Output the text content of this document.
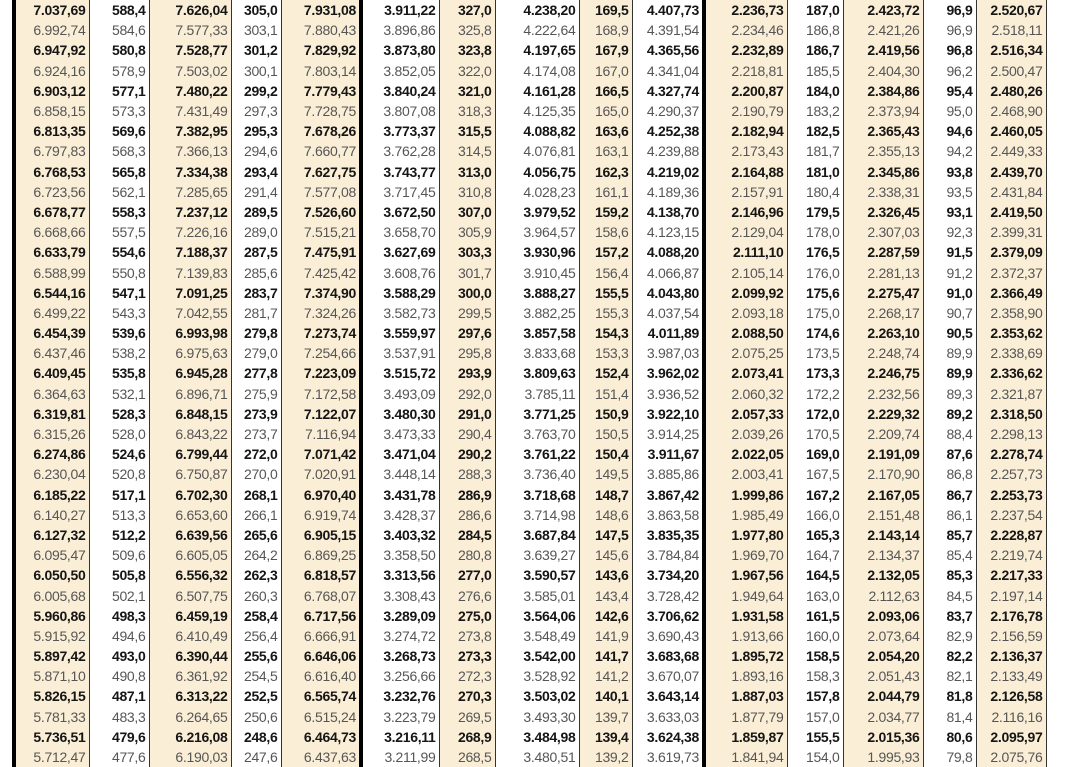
7.037,69	588,4	7.626,04	305,0	7.931,08	3.911,22	327,0	4.238,20	169,5	4.407,73	2.236,73	187,0	2.423,72	96,9	2.520,67
6.992,74	584,6	7.577,33	303,1	7.880,43	3.896,86	325,8	4.222,64	168,9	4.391,54	2.234,46	186,8	2.421,26	96,9	2.518,11
6.947,92	580,8	7.528,77	301,2	7.829,92	3.873,80	323,8	4.197,65	167,9	4.365,56	2.232,89	186,7	2.419,56	96,8	2.516,34
6.924,16	578,9	7.503,02	300,1	7.803,14	3.852,05	322,0	4.174,08	167,0	4.341,04	2.218,81	185,5	2.404,30	96,2	2.500,47
6.903,12	577,1	7.480,22	299,2	7.779,43	3.840,24	321,0	4.161,28	166,5	4.327,74	2.200,87	184,0	2.384,86	95,4	2.480,26
6.858,15	573,3	7.431,49	297,3	7.728,75	3.807,08	318,3	4.125,35	165,0	4.290,37	2.190,79	183,2	2.373,94	95,0	2.468,90
6.813,35	569,6	7.382,95	295,3	7.678,26	3.773,37	315,5	4.088,82	163,6	4.252,38	2.182,94	182,5	2.365,43	94,6	2.460,05
6.797,83	568,3	7.366,13	294,6	7.660,77	3.762,28	314,5	4.076,81	163,1	4.239,88	2.173,43	181,7	2.355,13	94,2	2.449,33
6.768,53	565,8	7.334,38	293,4	7.627,75	3.743,77	313,0	4.056,75	162,3	4.219,02	2.164,88	181,0	2.345,86	93,8	2.439,70
6.723,56	562,1	7.285,65	291,4	7.577,08	3.717,45	310,8	4.028,23	161,1	4.189,36	2.157,91	180,4	2.338,31	93,5	2.431,84
6.678,77	558,3	7.237,12	289,5	7.526,60	3.672,50	307,0	3.979,52	159,2	4.138,70	2.146,96	179,5	2.326,45	93,1	2.419,50
6.668,66	557,5	7.226,16	289,0	7.515,21	3.658,70	305,9	3.964,57	158,6	4.123,15	2.129,04	178,0	2.307,03	92,3	2.399,31
6.633,79	554,6	7.188,37	287,5	7.475,91	3.627,69	303,3	3.930,96	157,2	4.088,20	2.111,10	176,5	2.287,59	91,5	2.379,09
6.588,99	550,8	7.139,83	285,6	7.425,42	3.608,76	301,7	3.910,45	156,4	4.066,87	2.105,14	176,0	2.281,13	91,2	2.372,37
6.544,16	547,1	7.091,25	283,7	7.374,90	3.588,29	300,0	3.888,27	155,5	4.043,80	2.099,92	175,6	2.275,47	91,0	2.366,49
6.499,22	543,3	7.042,55	281,7	7.324,26	3.582,73	299,5	3.882,25	155,3	4.037,54	2.093,18	175,0	2.268,17	90,7	2.358,90
6.454,39	539,6	6.993,98	279,8	7.273,74	3.559,97	297,6	3.857,58	154,3	4.011,89	2.088,50	174,6	2.263,10	90,5	2.353,62
6.437,46	538,2	6.975,63	279,0	7.254,66	3.537,91	295,8	3.833,68	153,3	3.987,03	2.075,25	173,5	2.248,74	89,9	2.338,69
6.409,45	535,8	6.945,28	277,8	7.223,09	3.515,72	293,9	3.809,63	152,4	3.962,02	2.073,41	173,3	2.246,75	89,9	2.336,62
6.364,63	532,1	6.896,71	275,9	7.172,58	3.493,09	292,0	3.785,11	151,4	3.936,52	2.060,32	172,2	2.232,56	89,3	2.321,87
6.319,81	528,3	6.848,15	273,9	7.122,07	3.480,30	291,0	3.771,25	150,9	3.922,10	2.057,33	172,0	2.229,32	89,2	2.318,50
6.315,26	528,0	6.843,22	273,7	7.116,94	3.473,33	290,4	3.763,70	150,5	3.914,25	2.039,26	170,5	2.209,74	88,4	2.298,13
6.274,86	524,6	6.799,44	272,0	7.071,42	3.471,04	290,2	3.761,22	150,4	3.911,67	2.022,05	169,0	2.191,09	87,6	2.278,74
6.230,04	520,8	6.750,87	270,0	7.020,91	3.448,14	288,3	3.736,40	149,5	3.885,86	2.003,41	167,5	2.170,90	86,8	2.257,73
6.185,22	517,1	6.702,30	268,1	6.970,40	3.431,78	286,9	3.718,68	148,7	3.867,42	1.999,86	167,2	2.167,05	86,7	2.253,73
6.140,27	513,3	6.653,60	266,1	6.919,74	3.428,37	286,6	3.714,98	148,6	3.863,58	1.985,49	166,0	2.151,48	86,1	2.237,54
6.127,32	512,2	6.639,56	265,6	6.905,15	3.403,32	284,5	3.687,84	147,5	3.835,35	1.977,80	165,3	2.143,14	85,7	2.228,87
6.095,47	509,6	6.605,05	264,2	6.869,25	3.358,50	280,8	3.639,27	145,6	3.784,84	1.969,70	164,7	2.134,37	85,4	2.219,74
6.050,50	505,8	6.556,32	262,3	6.818,57	3.313,56	277,0	3.590,57	143,6	3.734,20	1.967,56	164,5	2.132,05	85,3	2.217,33
6.005,68	502,1	6.507,75	260,3	6.768,07	3.308,43	276,6	3.585,01	143,4	3.728,42	1.949,64	163,0	2.112,63	84,5	2.197,14
5.960,86	498,3	6.459,19	258,4	6.717,56	3.289,09	275,0	3.564,06	142,6	3.706,62	1.931,58	161,5	2.093,06	83,7	2.176,78
5.915,92	494,6	6.410,49	256,4	6.666,91	3.274,72	273,8	3.548,49	141,9	3.690,43	1.913,66	160,0	2.073,64	82,9	2.156,59
5.897,42	493,0	6.390,44	255,6	6.646,06	3.268,73	273,3	3.542,00	141,7	3.683,68	1.895,72	158,5	2.054,20	82,2	2.136,37
5.871,10	490,8	6.361,92	254,5	6.616,40	3.256,66	272,3	3.528,92	141,2	3.670,07	1.893,16	158,3	2.051,43	82,1	2.133,49
5.826,15	487,1	6.313,22	252,5	6.565,74	3.232,76	270,3	3.503,02	140,1	3.643,14	1.887,03	157,8	2.044,79	81,8	2.126,58
5.781,33	483,3	6.264,65	250,6	6.515,24	3.223,79	269,5	3.493,30	139,7	3.633,03	1.877,79	157,0	2.034,77	81,4	2.116,16
5.736,51	479,6	6.216,08	248,6	6.464,73	3.216,11	268,9	3.484,98	139,4	3.624,38	1.859,87	155,5	2.015,36	80,6	2.095,97
5.712,47	477,6	6.190,03	247,6	6.437,63	3.211,99	268,5	3.480,51	139,2	3.619,73	1.841,94	154,0	1.995,93	79,8	2.075,76
